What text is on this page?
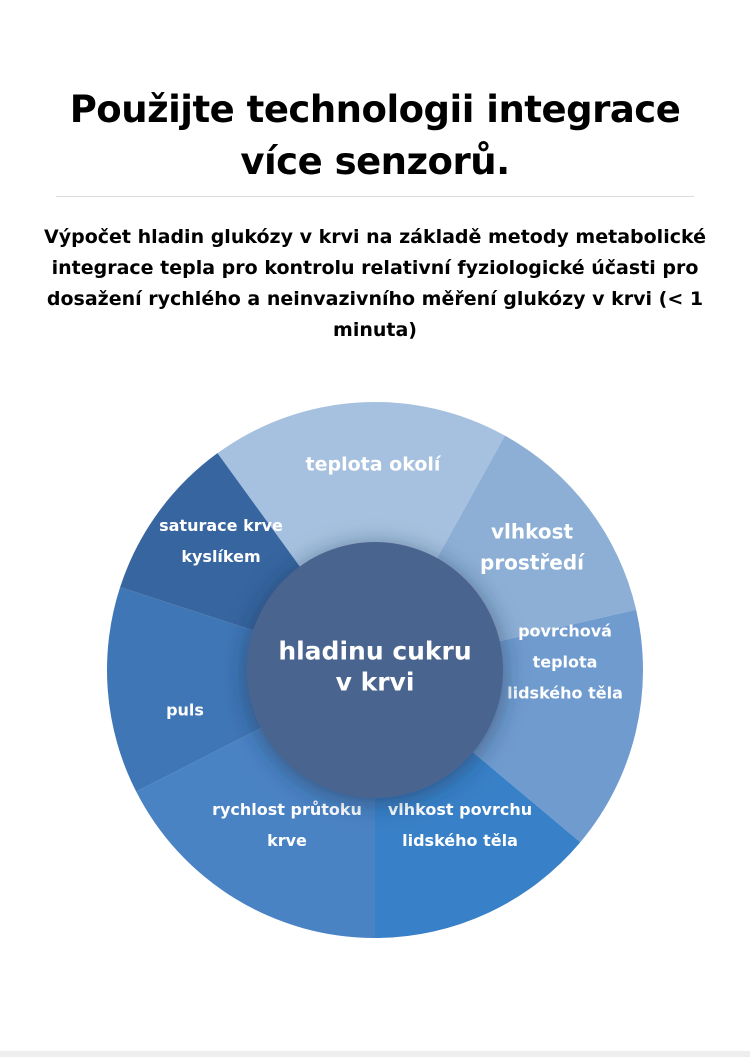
Použijte technologii integrace
více senzorů.

Výpočet hladin glukózy v krvi na základě metody metabolické integrace tepla pro kontrolu relativní fyziologické účasti pro dosažení rychlého a neinvazivního měření glukózy v krvi (< 1 minuta)

teplota okolí
vlhkost prostředí
povrchová teplota lidského těla
vlhkost povrchu lidského těla
rychlost průtoku krve
puls
saturace krve kyslíkem
hladinu cukru v krvi
